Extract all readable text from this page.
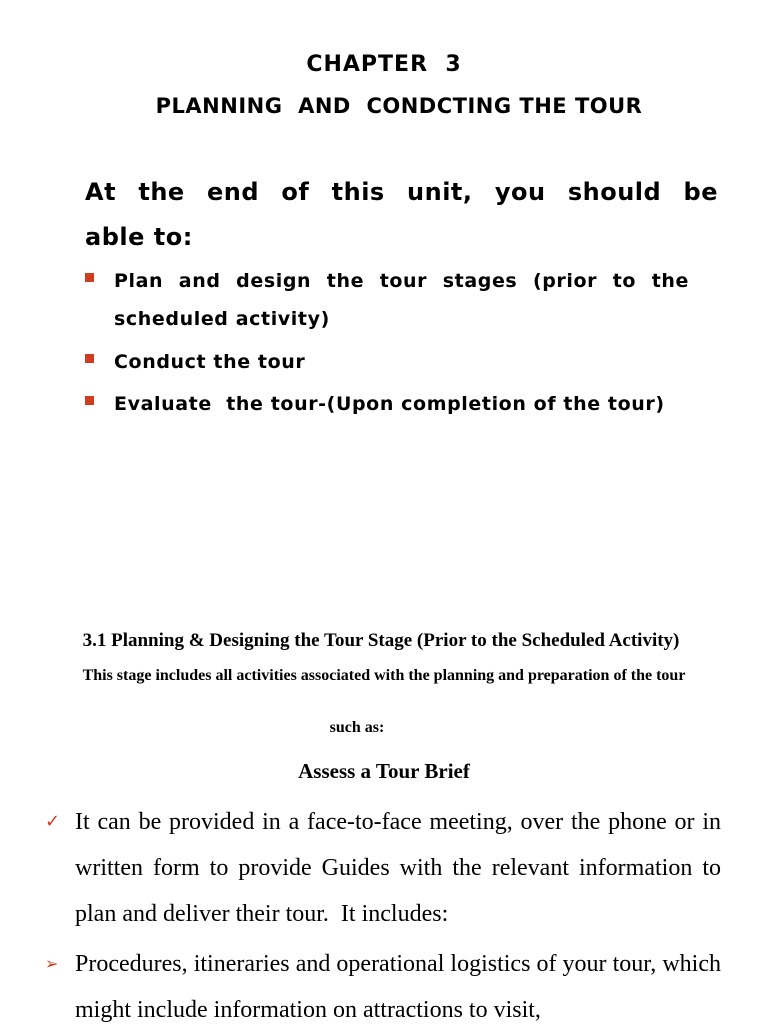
CHAPTER  3
PLANNING  AND  CONDCTING THE TOUR
At the end of this unit, you should be
able to:
Plan and design the tour stages (prior to the scheduled activity)
Conduct the tour
Evaluate  the tour-(Upon completion of the tour)
3.1 Planning & Designing the Tour Stage (Prior to the Scheduled Activity)
This stage includes all activities associated with the planning and preparation of the tour
such as:
Assess a Tour Brief
✓ It can be provided in a face-to-face meeting, over the phone or in written form to provide Guides with the relevant information to plan and deliver their tour.  It includes:
➢ Procedures, itineraries and operational logistics of your tour, which might include information on attractions to visit,
